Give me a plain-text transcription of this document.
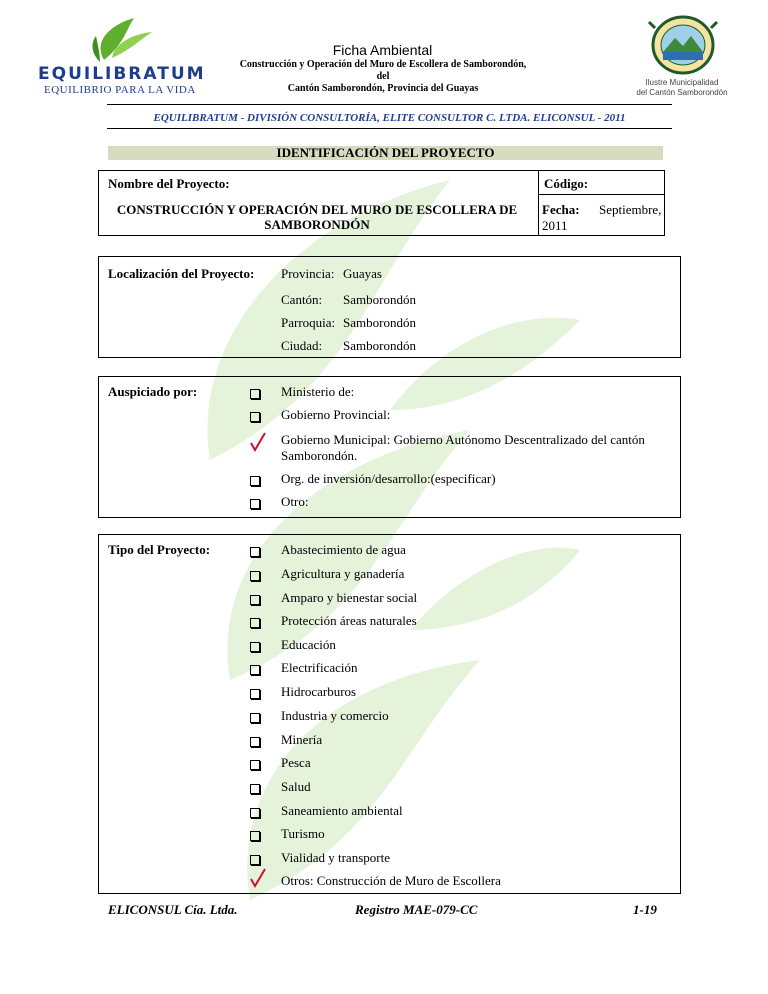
EQUILIBRATUM
EQUILIBRIO PARA LA VIDA
Ficha Ambiental
Construcción y Operación del Muro de Escollera de Samborondón, del
Cantón Samborondón, Provincia del Guayas
Ilustre Municipalidad
del Cantón Samborondón
EQUILIBRATUM - DIVISIÓN CONSULTORÍA, ELITE CONSULTOR C. LTDA. ELICONSUL - 2011
IDENTIFICACIÓN DEL PROYECTO
Nombre del Proyecto:	Código:
CONSTRUCCIÓN Y OPERACIÓN DEL MURO DE ESCOLLERA DE
SAMBORONDÓN
Fecha: Septiembre,
2011
Localización del Proyecto: Provincia: Guayas
Cantón: Samborondón
Parroquia: Samborondón
Ciudad: Samborondón
Auspiciado por:	Ministerio de:
Gobierno Provincial:
Gobierno Municipal: Gobierno Autónomo Descentralizado del cantón
Samborondón.
Org. de inversión/desarrollo:(especificar)
Otro:
Tipo del Proyecto:	Abastecimiento de agua
Agricultura y ganadería
Amparo y bienestar social
Protección áreas naturales
Educación
Electrificación
Hidrocarburos
Industria y comercio
Minería
Pesca
Salud
Saneamiento ambiental
Turismo
Vialidad y transporte
Otros: Construcción de Muro de Escollera
ELICONSUL Cía. Ltda.	Registro MAE-079-CC	1-19
